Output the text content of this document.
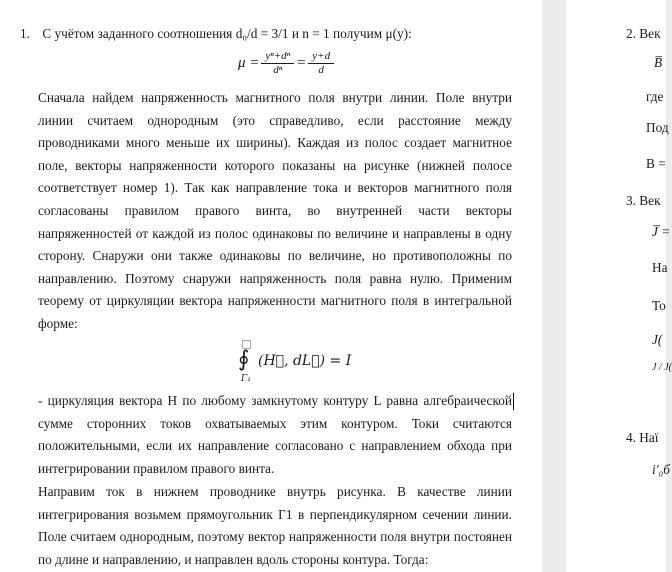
1. С учётом заданного соотношения d₀/d = 3/1 и n = 1 получим μ(y):
$\mu = \frac{\text{yⁿ+dⁿ}}{\text{dⁿ}} = \frac{y+d}{d}$

Сначала найдем напряженность магнитного поля внутри линии. Поле внутри линии считаем однородным (это справедливо, если расстояние между проводниками много меньше их ширины). Каждая из полос создает магнитное поле, векторы напряженности которого показаны на рисунке (нижней полосе соответствует номер 1). Так как направление тока и векторов магнитного поля согласованы правилом правого винта, во внутренней части векторы напряженностей от каждой из полос одинаковы по величине и направлены в одну сторону. Снаружи они также одинаковы по величине, но противоположны по направлению. Поэтому снаружи напряженность поля равна нулю. Применим теорему от циркуляции вектора напряженности магнитного поля в интегральной форме:

∮
Γ₁
(H⃗, dL⃗) = I

- циркуляция вектора H по любому замкнутому контуру L равна алгебраической сумме сторонних токов охватываемых этим контуром. Токи считаются положительными, если их направление согласовано с направлением обхода при интегрировании правилом правого винта.

Направим ток в нижнем проводнике внутрь рисунка. В качестве линии интегрирования возьмем прямоугольник Г1 в перпендикулярном сечении линии. Поле считаем однородным, поэтому вектор напряженности поля внутри постоянен по длине и направлению, и направлен вдоль стороны контура. Тогда:

2. Век
B̅
где
Под
B =
3. Век
J̅ =
На
То
J(
J / J(
4. Наї
i′₀б
